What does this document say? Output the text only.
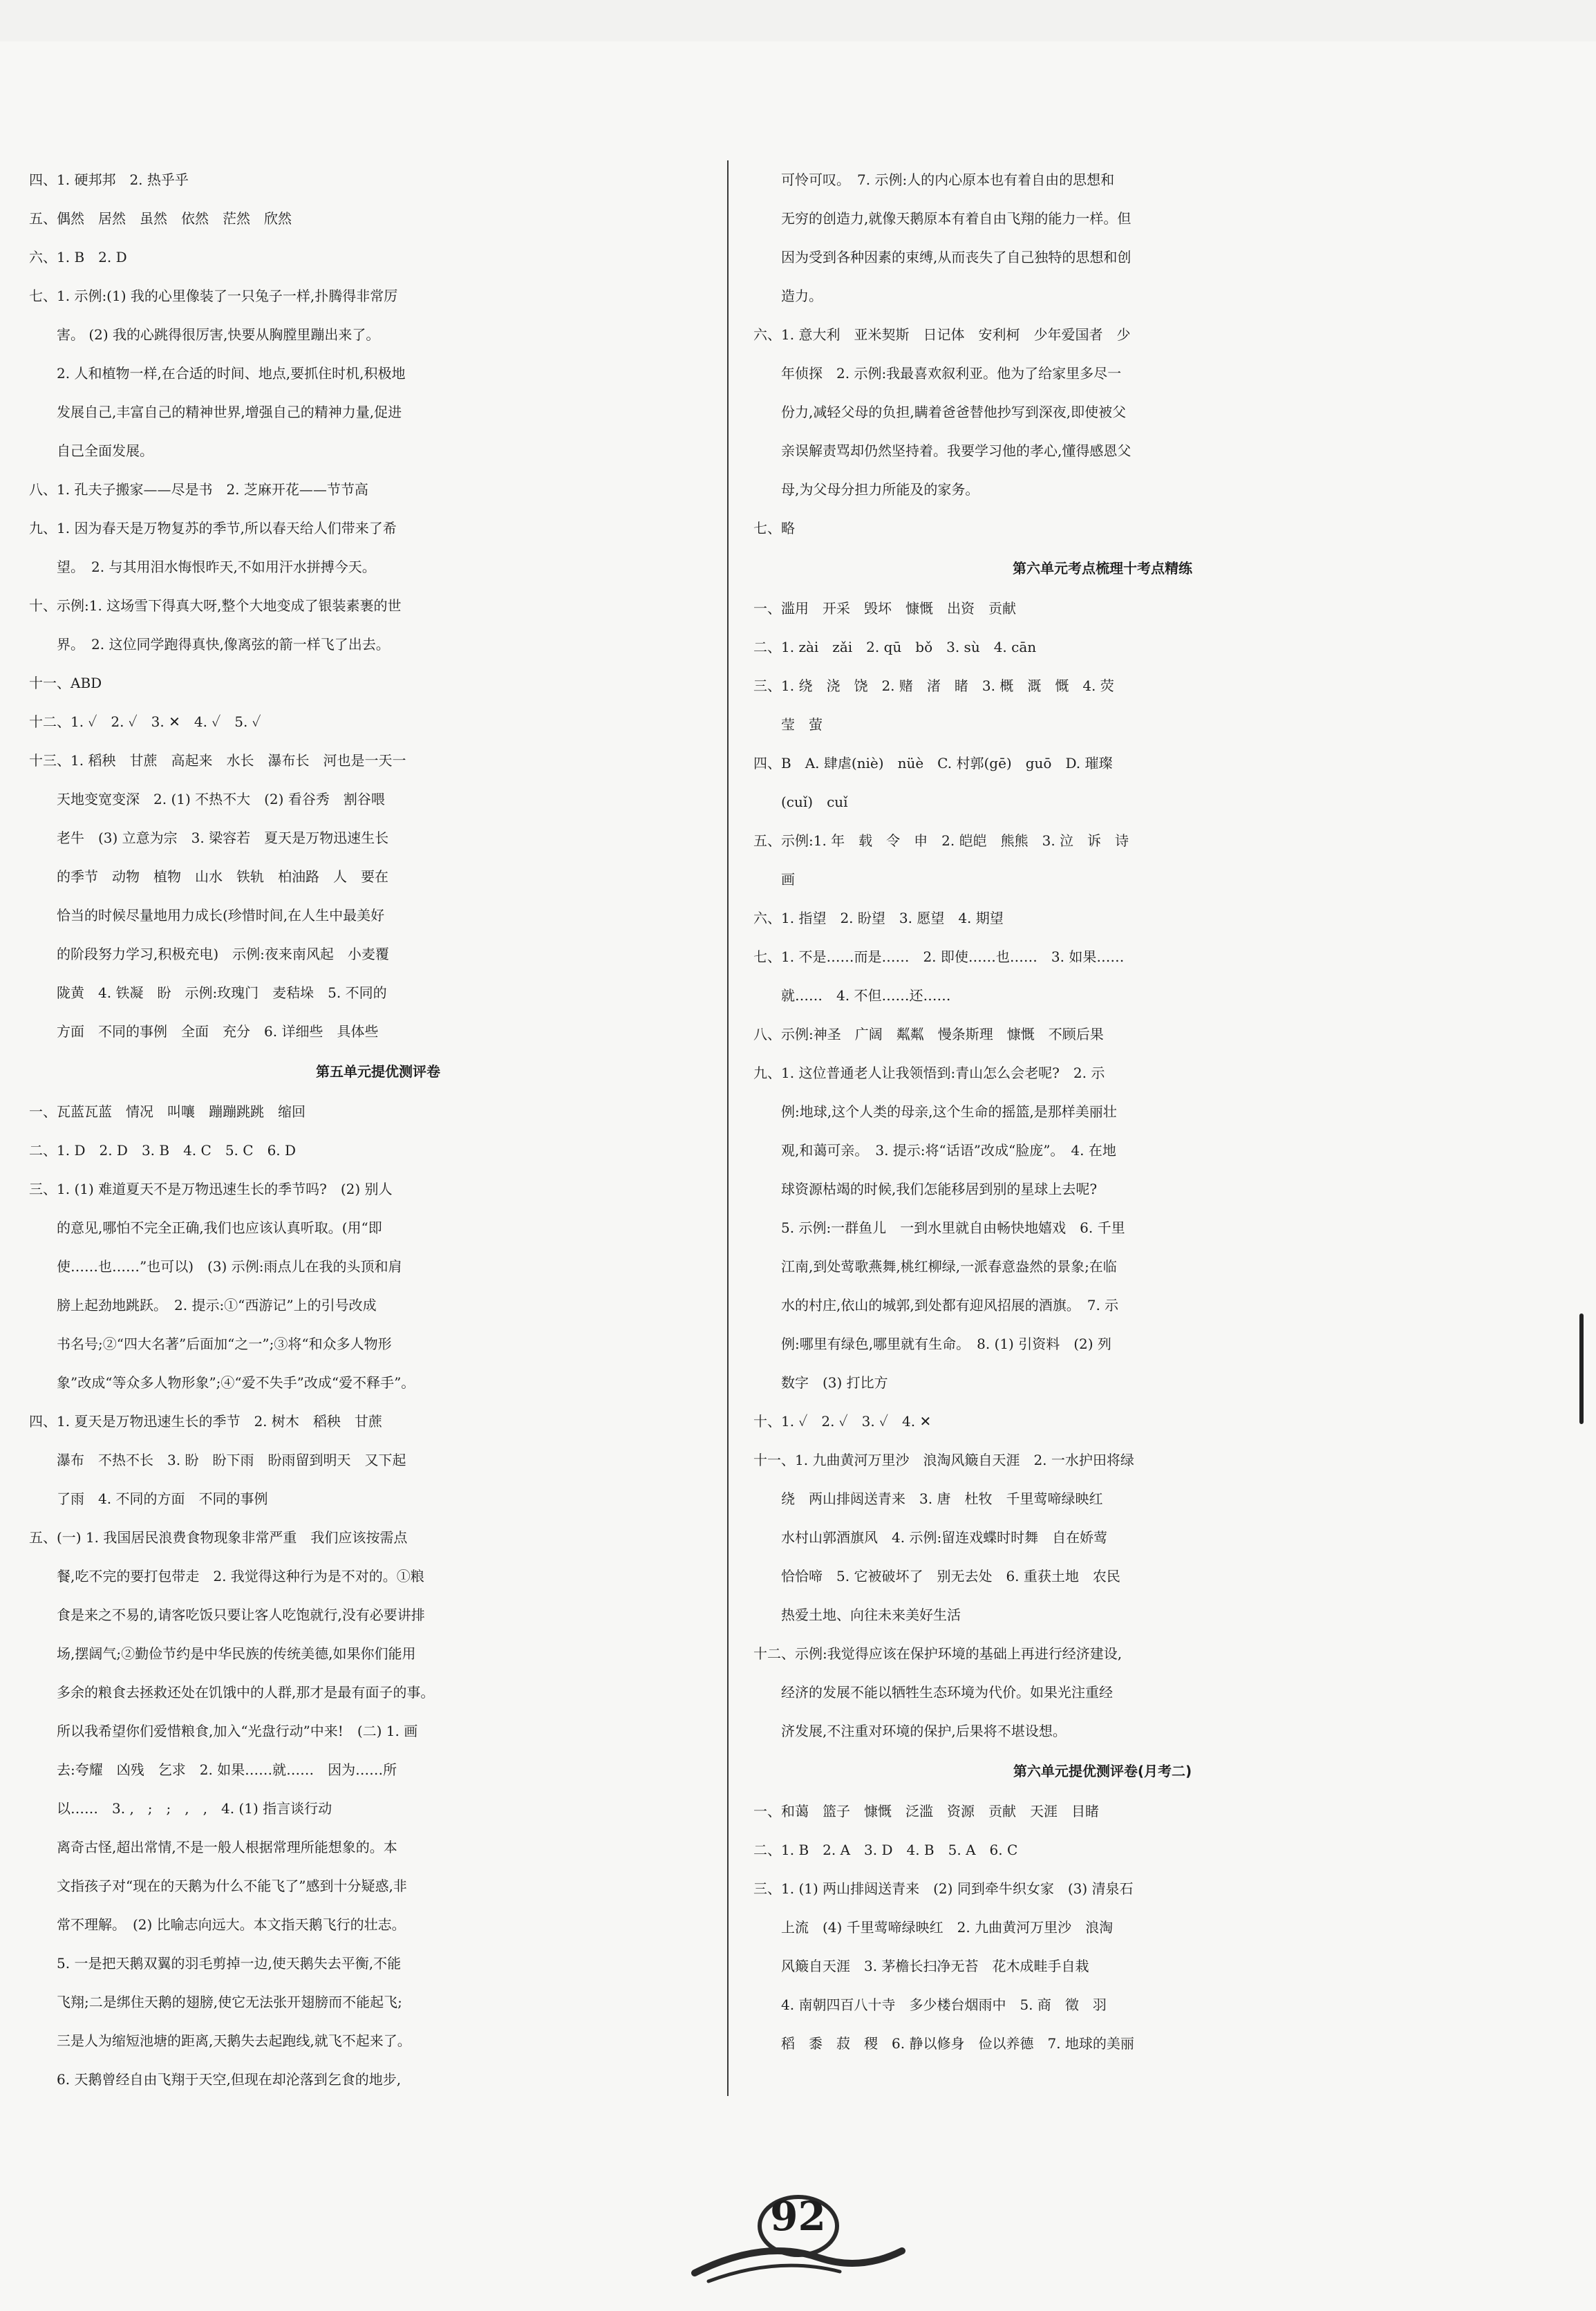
四、1. 硬邦邦　2. 热乎乎
五、偶然　居然　虽然　依然　茫然　欣然
六、1. B　2. D
七、1. 示例:(1) 我的心里像装了一只兔子一样,扑腾得非常厉
　　害。 (2) 我的心跳得很厉害,快要从胸膛里蹦出来了。
　　2. 人和植物一样,在合适的时间、地点,要抓住时机,积极地
　　发展自己,丰富自己的精神世界,增强自己的精神力量,促进
　　自己全面发展。
八、1. 孔夫子搬家——尽是书　2. 芝麻开花——节节高
九、1. 因为春天是万物复苏的季节,所以春天给人们带来了希
　　望。　2. 与其用泪水悔恨昨天,不如用汗水拼搏今天。
十、示例:1. 这场雪下得真大呀,整个大地变成了银装素裹的世
　　界。　2. 这位同学跑得真快,像离弦的箭一样飞了出去。
十一、ABD
十二、1. ✓　2. ✓　3. ✕　4. ✓　5. ✓
十三、1. 稻秧　甘蔗　高起来　水长　瀑布长　河也是一天一
　　天地变宽变深　2. (1) 不热不大　(2) 看谷秀　割谷喂
　　老牛　(3) 立意为宗　3. 梁容若　夏天是万物迅速生长
　　的季节　动物　植物　山水　铁轨　柏油路　人　要在
　　恰当的时候尽量地用力成长(珍惜时间,在人生中最美好
　　的阶段努力学习,积极充电)　示例:夜来南风起　小麦覆
　　陇黄　4. 铁凝　盼　示例:玫瑰门　麦秸垛　5. 不同的
　　方面　不同的事例　全面　充分　6. 详细些　具体些
第五单元提优测评卷
一、瓦蓝瓦蓝　情况　叫嚷　蹦蹦跳跳　缩回
二、1. D　2. D　3. B　4. C　5. C　6. D
三、1. (1) 难道夏天不是万物迅速生长的季节吗?　(2) 别人
　　的意见,哪怕不完全正确,我们也应该认真听取。(用“即
　　使……也……”也可以)　(3) 示例:雨点儿在我的头顶和肩
　　膀上起劲地跳跃。　2. 提示:①“西游记”上的引号改成
　　书名号;②“四大名著”后面加“之一”;③将“和众多人物形
　　象”改成“等众多人物形象”;④“爱不失手”改成“爱不释手”。
四、1. 夏天是万物迅速生长的季节　2. 树木　稻秧　甘蔗
　　瀑布　不热不长　3. 盼　盼下雨　盼雨留到明天　又下起
　　了雨　4. 不同的方面　不同的事例
五、(一) 1. 我国居民浪费食物现象非常严重　我们应该按需点
　　餐,吃不完的要打包带走　2. 我觉得这种行为是不对的。①粮
　　食是来之不易的,请客吃饭只要让客人吃饱就行,没有必要讲排
　　场,摆阔气;②勤俭节约是中华民族的传统美德,如果你们能用
　　多余的粮食去拯救还处在饥饿中的人群,那才是最有面子的事。
　　所以我希望你们爱惜粮食,加入“光盘行动”中来!　(二) 1. 画
　　去:夸耀　凶残　乞求　2. 如果……就……　因为……所
　　以……　3. ,　;　;　,　,　4. (1) 指言谈行动
　　离奇古怪,超出常情,不是一般人根据常理所能想象的。本
　　文指孩子对“现在的天鹅为什么不能飞了”感到十分疑惑,非
　　常不理解。　(2) 比喻志向远大。本文指天鹅飞行的壮志。
　　5. 一是把天鹅双翼的羽毛剪掉一边,使天鹅失去平衡,不能
　　飞翔;二是绑住天鹅的翅膀,使它无法张开翅膀而不能起飞;
　　三是人为缩短池塘的距离,天鹅失去起跑线,就飞不起来了。
　　6. 天鹅曾经自由飞翔于天空,但现在却沦落到乞食的地步,
　　可怜可叹。　7. 示例:人的内心原本也有着自由的思想和
　　无穷的创造力,就像天鹅原本有着自由飞翔的能力一样。但
　　因为受到各种因素的束缚,从而丧失了自己独特的思想和创
　　造力。
六、1. 意大利　亚米契斯　日记体　安利柯　少年爱国者　少
　　年侦探　2. 示例:我最喜欢叙利亚。他为了给家里多尽一
　　份力,减轻父母的负担,瞒着爸爸替他抄写到深夜,即使被父
　　亲误解责骂却仍然坚持着。我要学习他的孝心,懂得感恩父
　　母,为父母分担力所能及的家务。
七、略
第六单元考点梳理十考点精练
一、滥用　开采　毁坏　慷慨　出资　贡献
二、1. zài　zǎi　2. qū　bǒ　3. sù　4. cān
三、1. 绕　浇　饶　2. 赌　渚　睹　3. 概　溉　慨　4. 荧
　　莹　萤
四、B　A. 肆虐(niè)　nüè　C. 村郭(gē)　guō　D. 璀璨
　　(cuǐ)　cuǐ
五、示例:1. 年　载　令　申　2. 皑皑　熊熊　3. 泣　诉　诗
　　画
六、1. 指望　2. 盼望　3. 愿望　4. 期望
七、1. 不是……而是……　2. 即使……也……　3. 如果……
　　就……　4. 不但……还……
八、示例:神圣　广阔　粼粼　慢条斯理　慷慨　不顾后果
九、1. 这位普通老人让我领悟到:青山怎么会老呢?　2. 示
　　例:地球,这个人类的母亲,这个生命的摇篮,是那样美丽壮
　　观,和蔼可亲。　3. 提示:将“话语”改成“脸庞”。　4. 在地
　　球资源枯竭的时候,我们怎能移居到别的星球上去呢?
　　5. 示例:一群鱼儿　一到水里就自由畅快地嬉戏　6. 千里
　　江南,到处莺歌燕舞,桃红柳绿,一派春意盎然的景象;在临
　　水的村庄,依山的城郭,到处都有迎风招展的酒旗。　7. 示
　　例:哪里有绿色,哪里就有生命。　8. (1) 引资料　(2) 列
　　数字　(3) 打比方
十、1. ✓　2. ✓　3. ✓　4. ✕
十一、1. 九曲黄河万里沙　浪淘风簸自天涯　2. 一水护田将绿
　　绕　两山排闼送青来　3. 唐　杜牧　千里莺啼绿映红
　　水村山郭酒旗风　4. 示例:留连戏蝶时时舞　自在娇莺
　　恰恰啼　5. 它被破坏了　别无去处　6. 重获土地　农民
　　热爱土地、向往未来美好生活
十二、示例:我觉得应该在保护环境的基础上再进行经济建设,
　　经济的发展不能以牺牲生态环境为代价。如果光注重经
　　济发展,不注重对环境的保护,后果将不堪设想。
第六单元提优测评卷(月考二)
一、和蔼　篮子　慷慨　泛滥　资源　贡献　天涯　目睹
二、1. B　2. A　3. D　4. B　5. A　6. C
三、1. (1) 两山排闼送青来　(2) 同到牵牛织女家　(3) 清泉石
　　上流　(4) 千里莺啼绿映红　2. 九曲黄河万里沙　浪淘
　　风簸自天涯　3. 茅檐长扫净无苔　花木成畦手自栽
　　4. 南朝四百八十寺　多少楼台烟雨中　5. 商　徵　羽
　　稻　黍　菽　稷　6. 静以修身　俭以养德　7. 地球的美丽
92
